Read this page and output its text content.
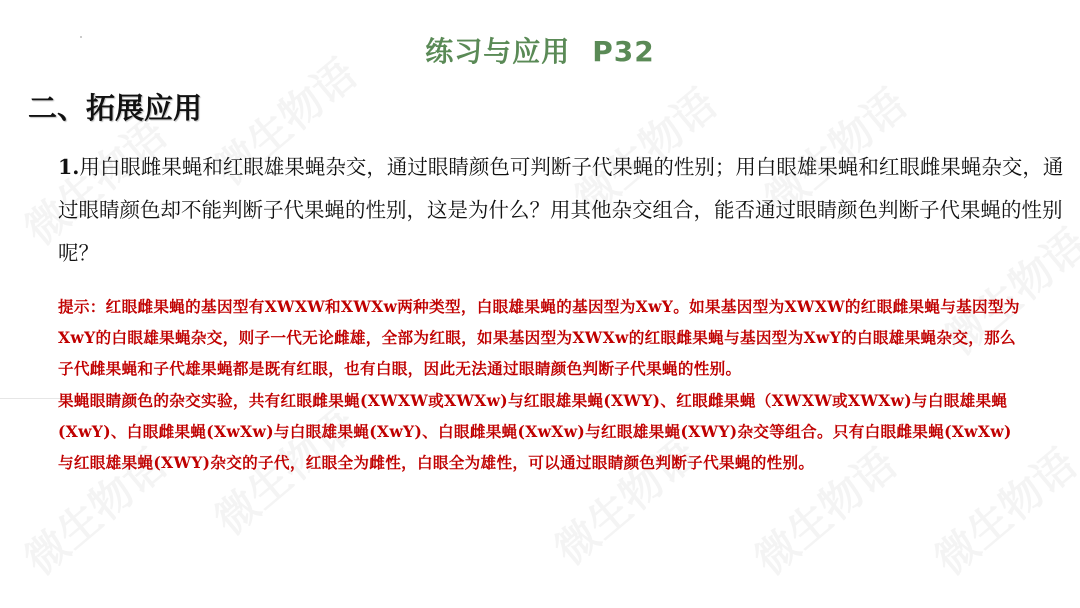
练习与应用 P32
二、拓展应用
1.用白眼雌果蝇和红眼雄果蝇杂交，通过眼睛颜色可判断子代果蝇的性别；用白眼雄果蝇和红眼雌果蝇杂交，通过眼睛颜色却不能判断子代果蝇的性别，这是为什么？用其他杂交组合，能否通过眼睛颜色判断子代果蝇的性别呢？

提示：红眼雌果蝇的基因型有XWXW和XWXw两种类型，白眼雄果蝇的基因型为XwY。如果基因型为XWXW的红眼雌果蝇与基因型为XwY的白眼雄果蝇杂交，则子一代无论雌雄，全部为红眼，如果基因型为XWXw的红眼雌果蝇与基因型为XwY的白眼雄果蝇杂交，那么子代雌果蝇和子代雄果蝇都是既有红眼，也有白眼，因此无法通过眼睛颜色判断子代果蝇的性别。

果蝇眼睛颜色的杂交实验，共有红眼雌果蝇(XWXW或XWXw)与红眼雄果蝇(XWY)、红眼雌果蝇（XWXW或XWXw)与白眼雄果蝇(XwY)、白眼雌果蝇(XwXw)与白眼雄果蝇(XwY)、白眼雌果蝇(XwXw)与红眼雄果蝇(XWY)杂交等组合。只有白眼雌果蝇(XwXw)与红眼雄果蝇(XWY)杂交的子代，红眼全为雌性，白眼全为雄性，可以通过眼睛颜色判断子代果蝇的性别。
